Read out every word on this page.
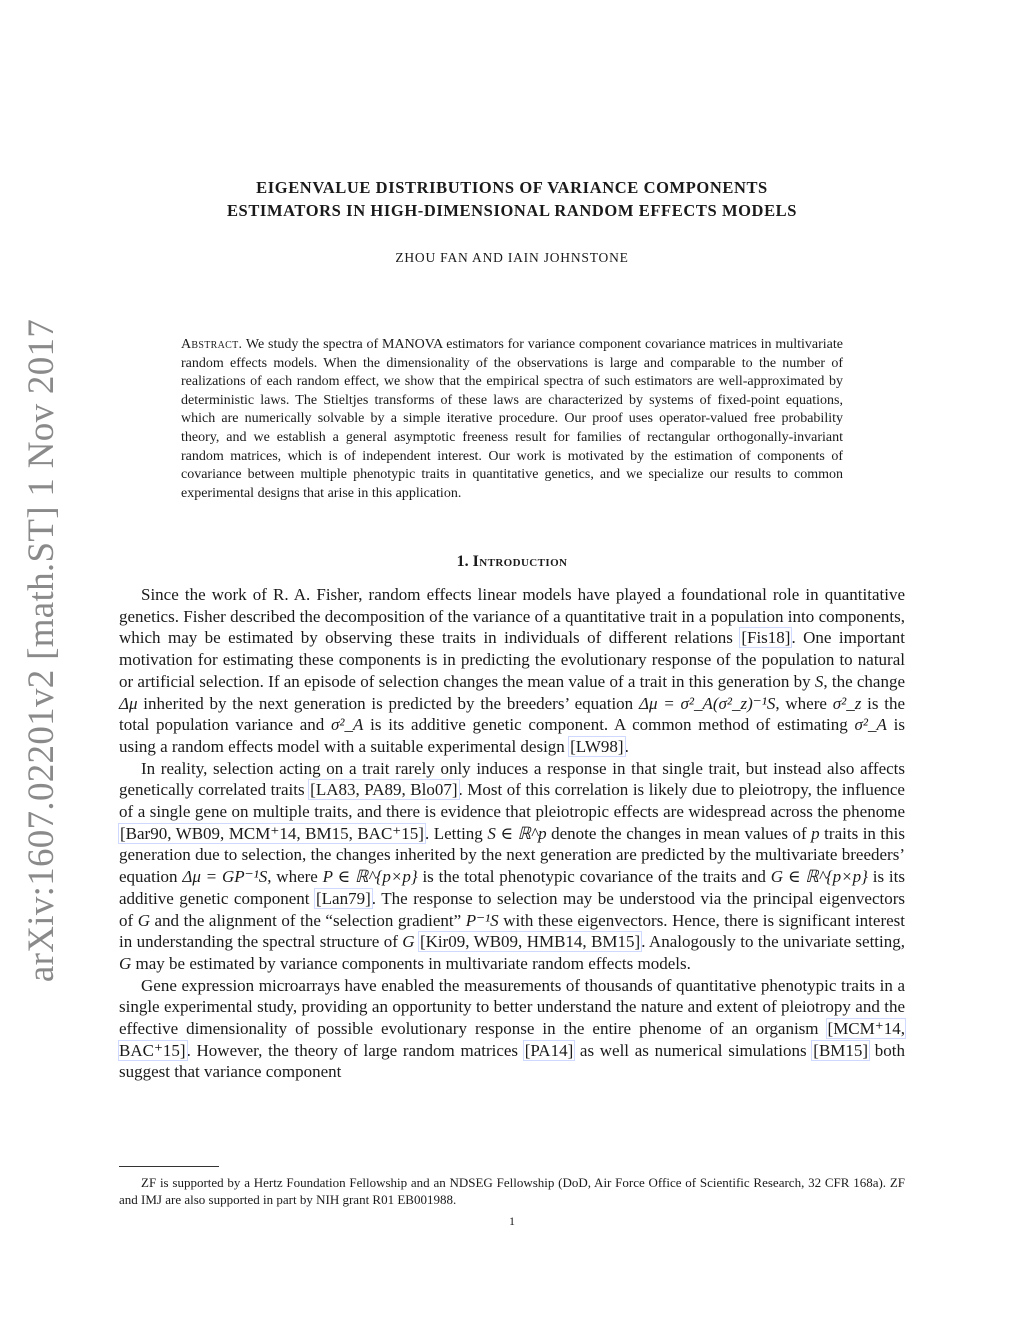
arXiv:1607.02201v2 [math.ST] 1 Nov 2017
EIGENVALUE DISTRIBUTIONS OF VARIANCE COMPONENTS
ESTIMATORS IN HIGH-DIMENSIONAL RANDOM EFFECTS MODELS

ZHOU FAN AND IAIN JOHNSTONE

Abstract. We study the spectra of MANOVA estimators for variance component covariance matrices in multivariate random effects models. When the dimensionality of the observations is large and comparable to the number of realizations of each random effect, we show that the empirical spectra of such estimators are well-approximated by deterministic laws. The Stieltjes transforms of these laws are characterized by systems of fixed-point equations, which are numerically solvable by a simple iterative procedure. Our proof uses operator-valued free probability theory, and we establish a general asymptotic freeness result for families of rectangular orthogonally-invariant random matrices, which is of independent interest. Our work is motivated by the estimation of components of covariance between multiple phenotypic traits in quantitative genetics, and we specialize our results to common experimental designs that arise in this application.

1. Introduction

Since the work of R. A. Fisher, random effects linear models have played a foundational role in quantitative genetics. Fisher described the decomposition of the variance of a quantitative trait in a population into components, which may be estimated by observing these traits in individuals of different relations [Fis18]. One important motivation for estimating these components is in predicting the evolutionary response of the population to natural or artificial selection. If an episode of selection changes the mean value of a trait in this generation by S, the change Δμ inherited by the next generation is predicted by the breeders’ equation Δμ = σ²_A(σ²_z)⁻¹S, where σ²_z is the total population variance and σ²_A is its additive genetic component. A common method of estimating σ²_A is using a random effects model with a suitable experimental design [LW98].

In reality, selection acting on a trait rarely only induces a response in that single trait, but instead also affects genetically correlated traits [LA83, PA89, Blo07]. Most of this correlation is likely due to pleiotropy, the influence of a single gene on multiple traits, and there is evidence that pleiotropic effects are widespread across the phenome [Bar90, WB09, MCM⁺14, BM15, BAC⁺15]. Letting S ∈ ℝ^p denote the changes in mean values of p traits in this generation due to selection, the changes inherited by the next generation are predicted by the multivariate breeders’ equation Δμ = GP⁻¹S, where P ∈ ℝ^{p×p} is the total phenotypic covariance of the traits and G ∈ ℝ^{p×p} is its additive genetic component [Lan79]. The response to selection may be understood via the principal eigenvectors of G and the alignment of the “selection gradient” P⁻¹S with these eigenvectors. Hence, there is significant interest in understanding the spectral structure of G [Kir09, WB09, HMB14, BM15]. Analogously to the univariate setting, G may be estimated by variance components in multivariate random effects models.

Gene expression microarrays have enabled the measurements of thousands of quantitative phenotypic traits in a single experimental study, providing an opportunity to better understand the nature and extent of pleiotropy and the effective dimensionality of possible evolutionary response in the entire phenome of an organism [MCM⁺14, BAC⁺15]. However, the theory of large random matrices [PA14] as well as numerical simulations [BM15] both suggest that variance component

ZF is supported by a Hertz Foundation Fellowship and an NDSEG Fellowship (DoD, Air Force Office of Scientific Research, 32 CFR 168a). ZF and IMJ are also supported in part by NIH grant R01 EB001988.

1
